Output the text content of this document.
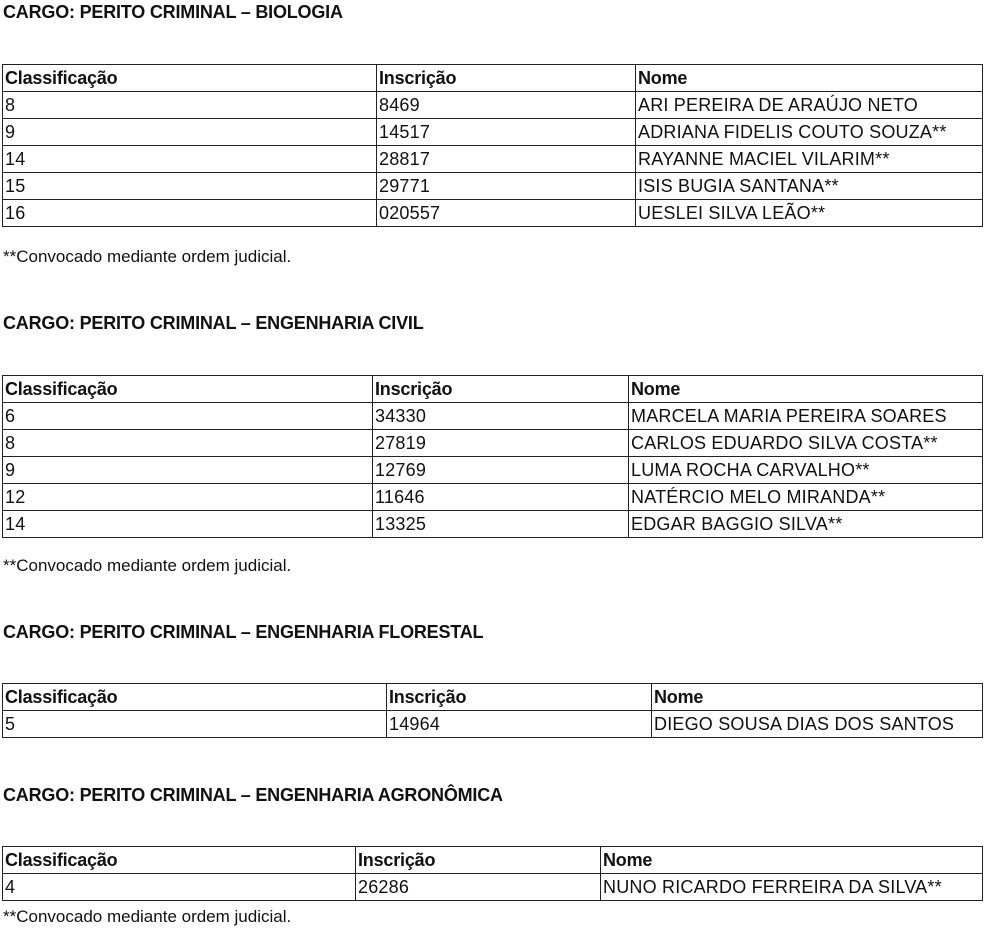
CARGO: PERITO CRIMINAL – BIOLOGIA
Classificação	Inscrição	Nome
8	8469	ARI PEREIRA DE ARAÚJO NETO
9	14517	ADRIANA FIDELIS COUTO SOUZA**
14	28817	RAYANNE MACIEL VILARIM**
15	29771	ISIS BUGIA SANTANA**
16	020557	UESLEI SILVA LEÃO**
**Convocado mediante ordem judicial.
CARGO: PERITO CRIMINAL – ENGENHARIA CIVIL
Classificação	Inscrição	Nome
6	34330	MARCELA MARIA PEREIRA SOARES
8	27819	CARLOS EDUARDO SILVA COSTA**
9	12769	LUMA ROCHA CARVALHO**
12	11646	NATÉRCIO MELO MIRANDA**
14	13325	EDGAR BAGGIO SILVA**
**Convocado mediante ordem judicial.
CARGO: PERITO CRIMINAL – ENGENHARIA FLORESTAL
Classificação	Inscrição	Nome
5	14964	DIEGO SOUSA DIAS DOS SANTOS
CARGO: PERITO CRIMINAL – ENGENHARIA AGRONÔMICA
Classificação	Inscrição	Nome
4	26286	NUNO RICARDO FERREIRA DA SILVA**
**Convocado mediante ordem judicial.
